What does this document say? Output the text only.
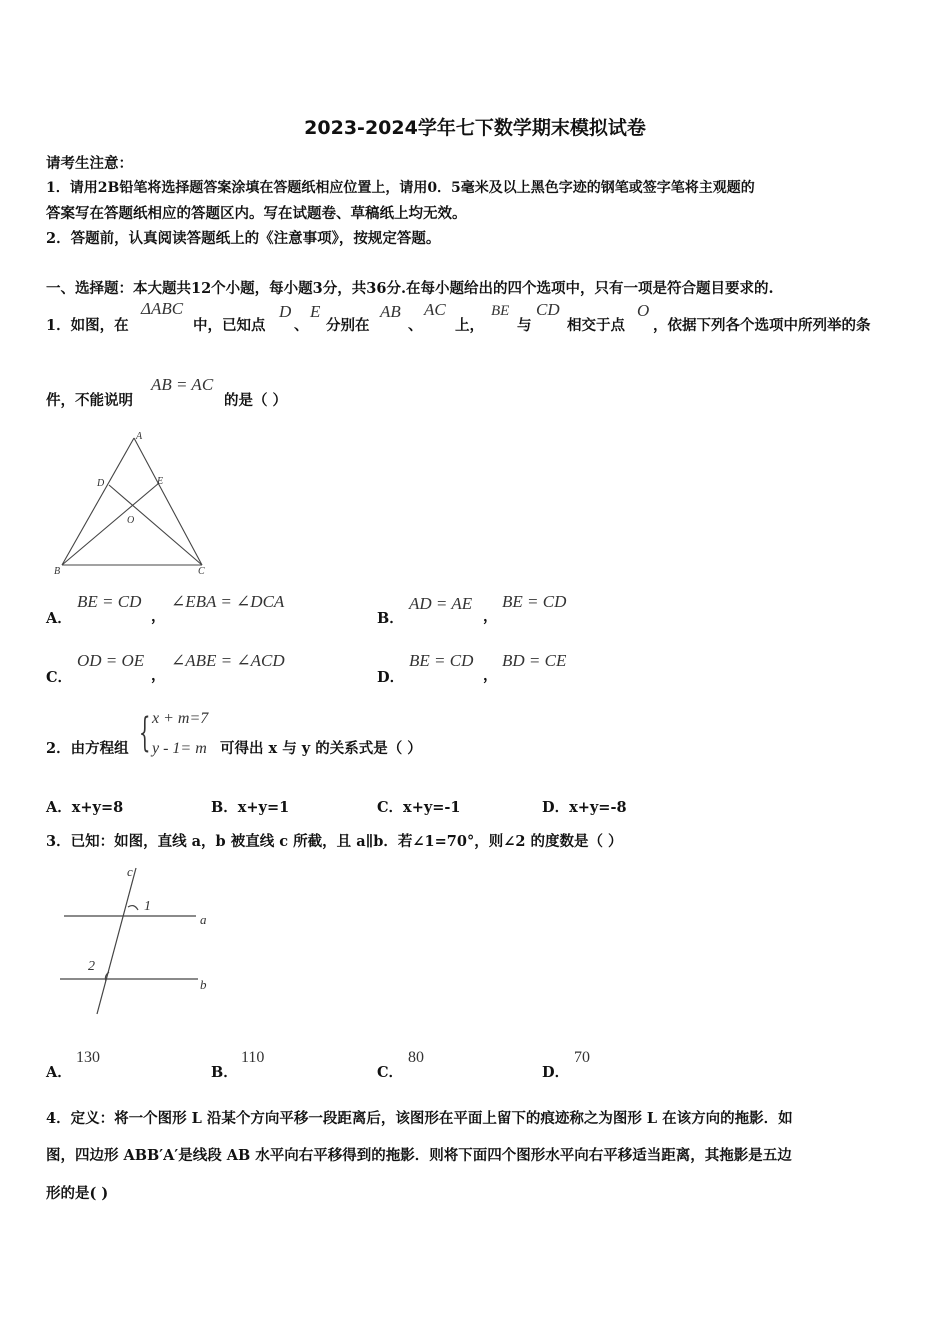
2023-2024学年七下数学期末模拟试卷
请考生注意：
1．请用2B铅笔将选择题答案涂填在答题纸相应位置上，请用0．5毫米及以上黑色字迹的钢笔或签字笔将主观题的
答案写在答题纸相应的答题区内。写在试题卷、草稿纸上均无效。
2．答题前，认真阅读答题纸上的《注意事项》，按规定答题。
一、选择题：本大题共12个小题，每小题3分，共36分.在每小题给出的四个选项中，只有一项是符合题目要求的.
1．如图，在
ΔABC
中，已知点
D
、
E
分别在
AB
、
AC
上，
BE
与
CD
相交于点
O
，依据下列各个选项中所列举的条
件，不能说明
AB = AC
的是（ ）
A
D	E
O
B	C
A．
BE = CD
，
∠EBA = ∠DCA
B．
AD = AE
，
BE = CD
C．
OD = OE
，
∠ABE = ∠ACD
D．
BE = CD
，
BD = CE
2．由方程组 { x + m=7
y - 1= m 可得出 x 与 y 的关系式是（ ）
A．x+y=8	B．x+y=1	C．x+y=-1	D．x+y=-8
3．已知：如图，直线 a，b 被直线 c 所截，且 a∥b．若∠1=70°，则∠2 的度数是（ ）
c
1
a
2
b
A．
130
B．
110
C．
80
D．
70
4．定义：将一个图形 L 沿某个方向平移一段距离后，该图形在平面上留下的痕迹称之为图形 L 在该方向的拖影．如
图，四边形 ABB′A′是线段 AB 水平向右平移得到的拖影．则将下面四个图形水平向右平移适当距离，其拖影是五边
形的是( )
